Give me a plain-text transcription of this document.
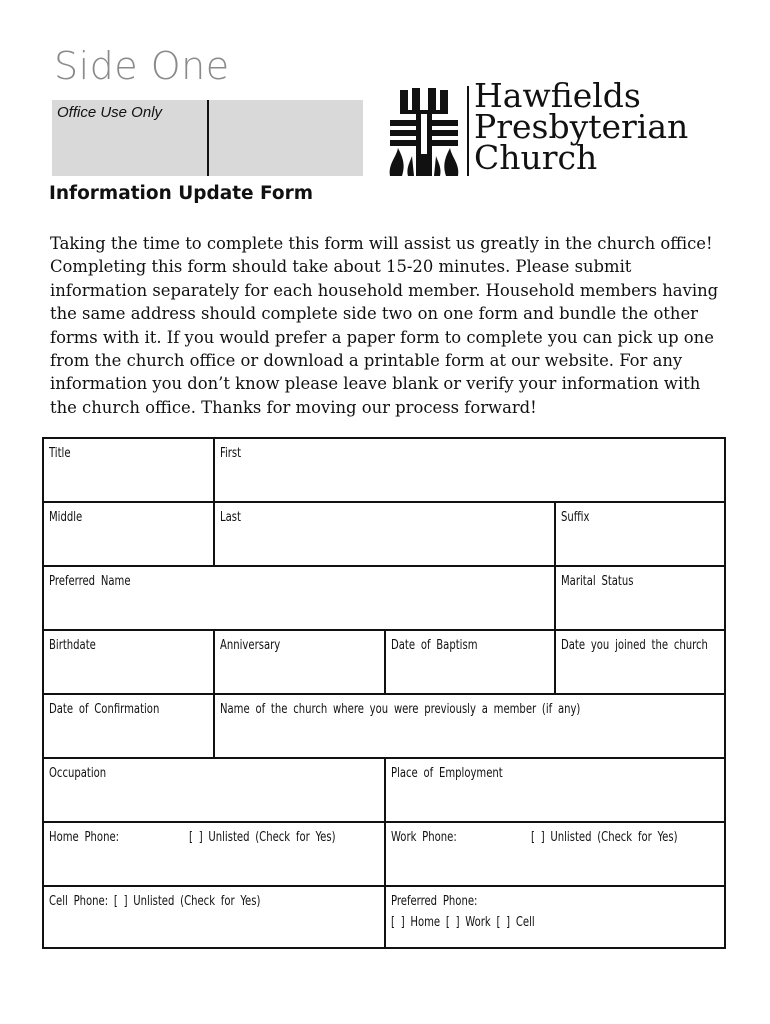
Side One
Office Use Only	Hawfields
Presbyterian
Church
Information Update Form

Taking the time to complete this form will assist us greatly in the church office! Completing this form should take about 15-20 minutes. Please submit information separately for each household member. Household members having the same address should complete side two on one form and bundle the other forms with it. If you would prefer a paper form to complete you can pick up one from the church office or download a printable form at our website. For any information you don’t know please leave blank or verify your information with the church office. Thanks for moving our process forward!

Title	First
Middle	Last	Suffix
Preferred Name	Marital Status
Birthdate	Anniversary	Date of Baptism	Date you joined the church
Date of Confirmation	Name of the church where you were previously a member (if any)
Occupation	Place of Employment
Home Phone:	[ ] Unlisted (Check for Yes)	Work Phone:	[ ] Unlisted (Check for Yes)
Cell Phone: [ ] Unlisted (Check for Yes)	Preferred Phone:
[ ] Home [ ] Work [ ] Cell
